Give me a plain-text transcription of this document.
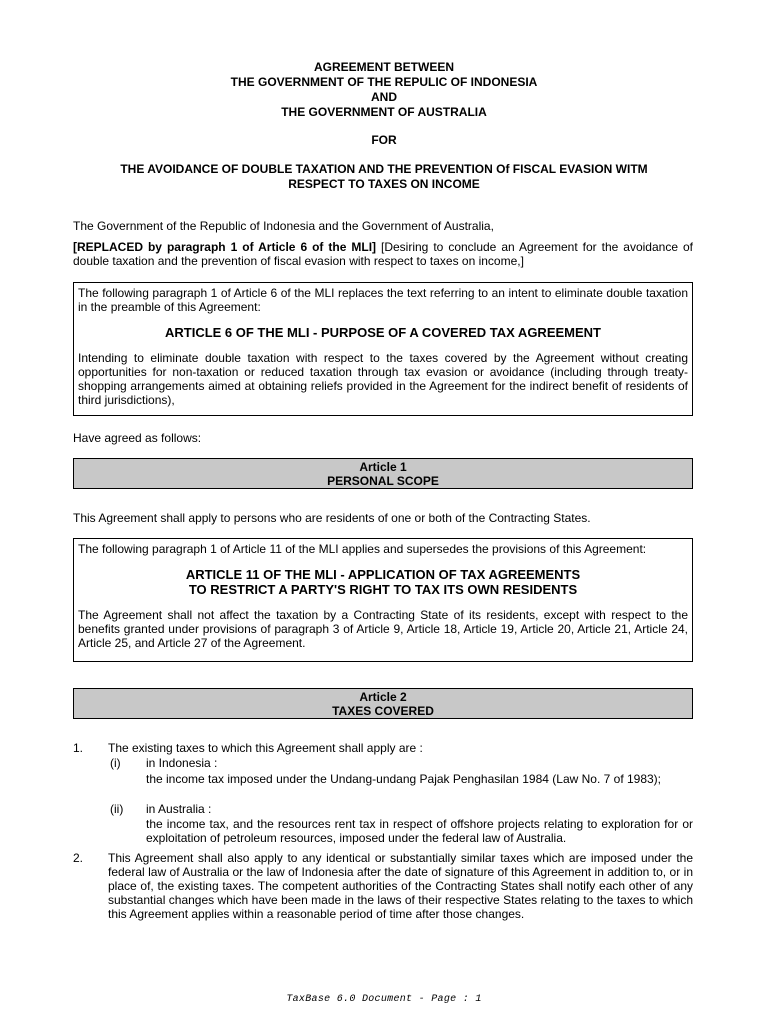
AGREEMENT BETWEEN
THE GOVERNMENT OF THE REPULIC OF INDONESIA
AND
THE GOVERNMENT OF AUSTRALIA
FOR
THE AVOIDANCE OF DOUBLE TAXATION AND THE PREVENTION Of FISCAL EVASION WITM
RESPECT TO TAXES ON INCOME
The Government of the Republic of Indonesia and the Government of Australia,
[REPLACED by paragraph 1 of Article 6 of the MLI] [Desiring to conclude an Agreement for the avoidance of double taxation and the prevention of fiscal evasion with respect to taxes on income,]
The following paragraph 1 of Article 6 of the MLI replaces the text referring to an intent to eliminate double taxation in the preamble of this Agreement:
ARTICLE 6 OF THE MLI - PURPOSE OF A COVERED TAX AGREEMENT
Intending to eliminate double taxation with respect to the taxes covered by the Agreement without creating opportunities for non-taxation or reduced taxation through tax evasion or avoidance (including through treaty-shopping arrangements aimed at obtaining reliefs provided in the Agreement for the indirect benefit of residents of third jurisdictions),
Have agreed as follows:
Article 1
PERSONAL SCOPE
This Agreement shall apply to persons who are residents of one or both of the Contracting States.
The following paragraph 1 of Article 11 of the MLI applies and supersedes the provisions of this Agreement:
ARTICLE 11 OF THE MLI - APPLICATION OF TAX AGREEMENTS
TO RESTRICT A PARTY'S RIGHT TO TAX ITS OWN RESIDENTS
The Agreement shall not affect the taxation by a Contracting State of its residents, except with respect to the benefits granted under provisions of paragraph 3 of Article 9, Article 18, Article 19, Article 20, Article 21, Article 24, Article 25, and Article 27 of the Agreement.
Article 2
TAXES COVERED
1. The existing taxes to which this Agreement shall apply are :
(i) in Indonesia :
the income tax imposed under the Undang-undang Pajak Penghasilan 1984 (Law No. 7 of 1983);
(ii) in Australia :
the income tax, and the resources rent tax in respect of offshore projects relating to exploration for or exploitation of petroleum resources, imposed under the federal law of Australia.
2. This Agreement shall also apply to any identical or substantially similar taxes which are imposed under the federal law of Australia or the law of Indonesia after the date of signature of this Agreement in addition to, or in place of, the existing taxes. The competent authorities of the Contracting States shall notify each other of any substantial changes which have been made in the laws of their respective States relating to the taxes to which this Agreement applies within a reasonable period of time after those changes.
TaxBase 6.0 Document - Page : 1
